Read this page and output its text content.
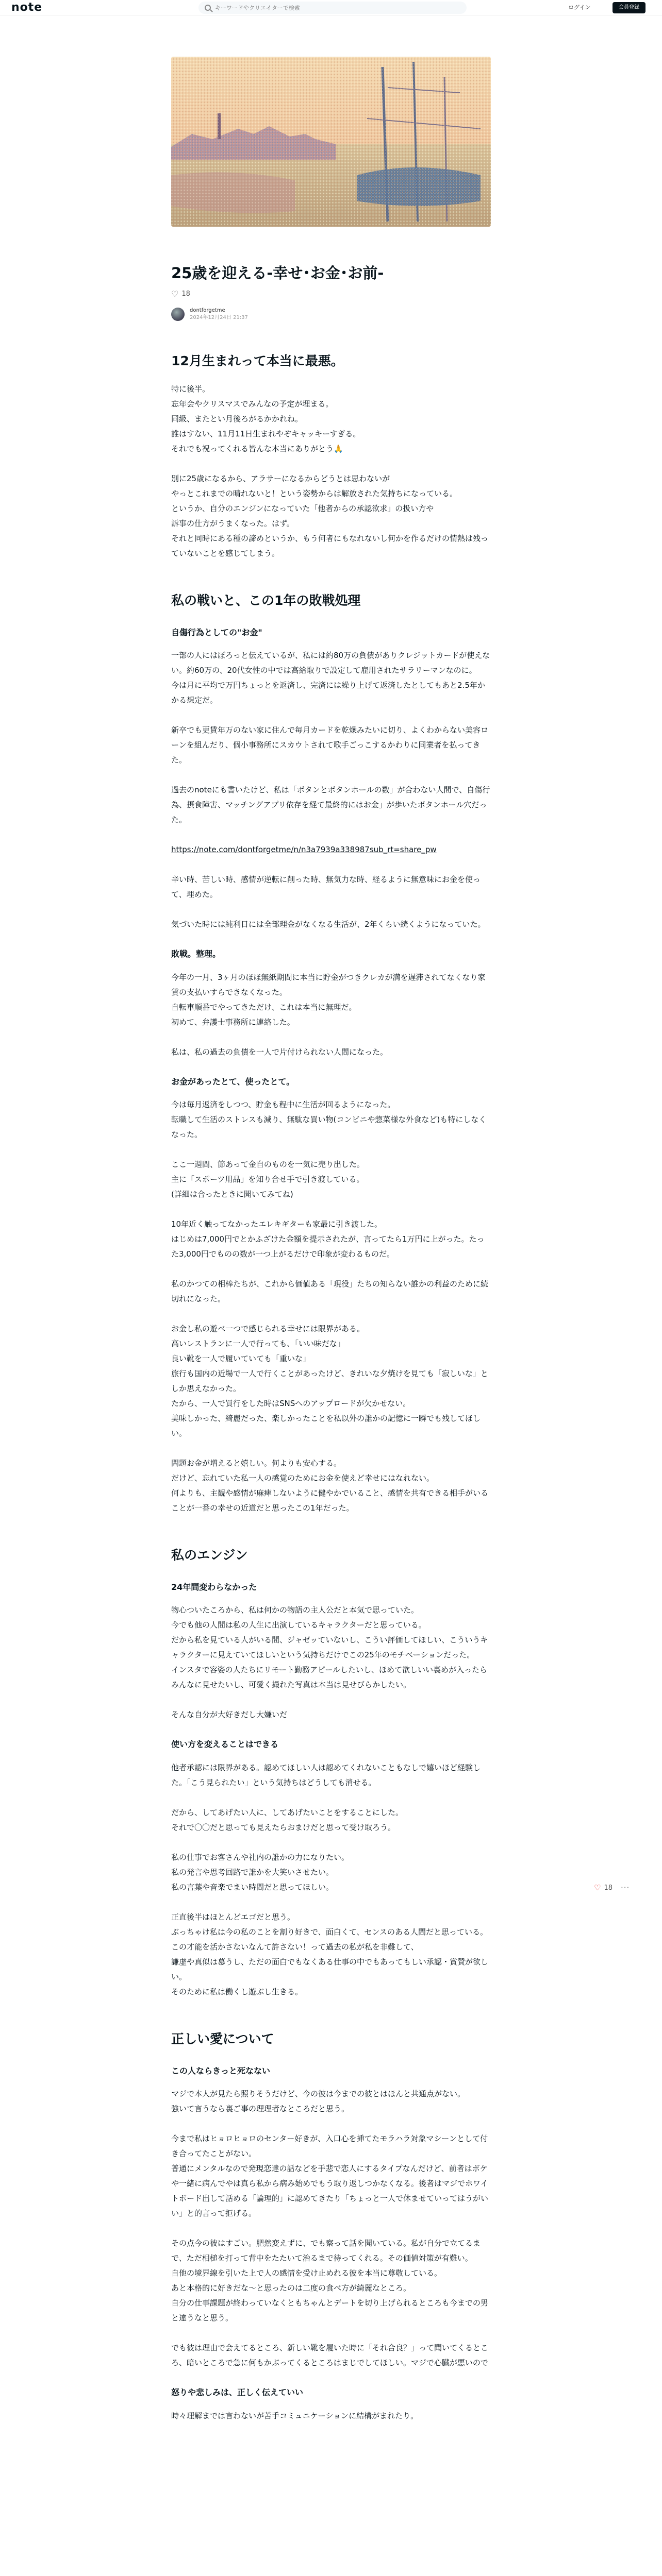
note
キーワードやクリエイターで検索	ログイン	会員登録
25歳を迎える-幸せ･お金･お前-
♡ 18
dontforgetme
2024年12月24日 21:37
12月生まれって本当に最悪。

特に後半。
忘年会やクリスマスでみんなの予定が埋まる。
同級、またとい月後ろがるかかれね。
誰はすない、11月11日生まれやぞキャッキーすぎる。
それでも祝ってくれる皆んな本当にありがとう🙏

別に25歳になるから、アラサーになるからどうとは思わないが
やっとこれまでの晴れないと！という姿勢からは解放された気持ちになっている。
というか、自分のエンジンになっていた「他者からの承認欲求」の扱い方や
訴事の仕方がうまくなった。はず。
それと同時にある種の諦めというか、もう何者にもなれないし何かを作るだけの情熱は残っていないことを感じてしまう。

私の戦いと、この1年の敗戦処理
自傷行為としての"お金"

一部の人にはぼろっと伝えているが、私には約80万の負債がありクレジットカードが使えない。約60万の、20代女性の中では高給取りで設定して雇用されたサラリーマンなのに。
今は月に平均で万円ちょっとを返済し、完済には繰り上げて返済したとしてもあと2.5年かかる想定だ。

新卒でも更賃年万のない家に住んで毎月カードを乾燥みたいに切り、よくわからない美容ローンを組んだり、個小事務所にスカウトされて歌手ごっこするかわりに同業者を払ってきた。

過去のnoteにも書いたけど、私は「ボタンとボタンホールの数」が合わない人間で、自傷行為、摂食障害、マッチングアプリ依存を経て最終的にはお金」が歩いたボタンホール穴だった。

https://note.com/dontforgetme/n/n3a7939a338987sub_rt=share_pw

辛い時、苦しい時、感情が逆転に削った時、無気力な時、経るように無意味にお金を使って、埋めた。

気づいた時には純利日には全部理金がなくなる生活が、2年くらい続くようになっていた。

敗戦。整理。

今年の一月、3ヶ月のほほ無紙期間に本当に貯金がつきクレカが満を遅滞されてなくなり家賃の支払いすらできなくなった。
自転車順番でやってきただけ、これは本当に無理だ。
初めて、弁護士事務所に連絡した。

私は、私の過去の負債を一人で片付けられない人間になった。

お金があったとて、使ったとて。

今は毎月返済をしつつ、貯金も程中に生活が回るようになった。
転職して生活のストレスも減り、無駄な買い物(コンビニや惣菜様な外食など)も特にしなくなった。

ここ一週間、節あって金自のものを一気に売り出した。
主に「スポーツ用品」を知り合せ手で引き渡している。
(詳細は合ったときに聞いてみてね)

10年近く触ってなかったエレキギターも家最に引き渡した。
はじめは7,000円でとかふざけた金額を提示されたが、言ってたら1万円に上がった。たった3,000円でものの数が一つ上がるだけで印象が変わるものだ。

私のかつての相棒たちが、これから価値ある「現役」たちの知らない誰かの利益のために続切れになった。

お金し私の遊べ一つで感じられる幸せには限界がある。
高いレストランに一人で行っても、「いい味だな」
良い靴を一人で履いていても「重いな」
旅行も国内の近場で一人で行くことがあったけど、きれいな夕焼けを見ても「寂しいな」としか思えなかった。
たから、一人で買行をした時はSNSへのアップロードが欠かせない。
美味しかった、綺麗だった、楽しかったことを私以外の誰かの記憶に一瞬でも残してほしい。

問題お金が増えると嬉しい。何よりも安心する。
だけど、忘れていた私一人の感覚のためにお金を使えど幸せにはなれない。
何よりも、主観や感情が麻痺しないように健やかでいること、感情を共有できる相手がいることが一番の幸せの近道だと思ったこの1年だった。

私のエンジン
24年間変わらなかった

物心ついたころから、私は何かの物語の主人公だと本気で思っていた。
今でも他の人間は私の人生に出演しているキャラクターだと思っている。
だから私を見ている人がいる間、ジャゼッていないし、こうい評価してほしい、こういうキャラクターに見えていてほしいという気持ちだけでこの25年のモチベーションだった。
インスタで容姿の人たちにリモート勤務アピールしたいし、ほめて欲しいい裏めが入ったらみんなに見せたいし、可愛く撮れた写真は本当は見せびらかしたい。

そんな自分が大好きだし大嫌いだ

使い方を変えることはできる

他者承認には限界がある。認めてほしい人は認めてくれないこともなしで嬉いほど経験した。「こう見られたい」という気持ちはどうしても消せる。

だから、してあげたい人に、してあげたいことをすることにした。
それで〇〇だと思っても見えたらおまけだと思って受け取ろう。

私の仕事でお客さんや社内の誰かの力になりたい。
私の発言や思考回路で誰かを大笑いさせたい。
私の言葉や音楽でまい時間だと思ってほしい。

正直後半はほとんどエゴだと思う。
ぶっちゃけ私は今の私のことを割り好きで、面白くて、センスのある人間だと思っている。
この才能を活かさないなんて許さない！って過去の私が私を非難して、
謙虚や真似は慕うし、ただの面白でもなくある仕事の中でもあってもしい承認・賞賛が欲しい。
そのために私は働くし遊ぶし生きる。

正しい愛について
この人ならきっと死なない

マジで本人が見たら照りそうだけど、今の彼は今までの彼とはほんと共通点がない。
強いて言うなら裏ご事の理理者なところだと思う。

今まで私はヒョロヒョロのセンター好きが、入口心を挿てたモラハラ対象マシーンとして付き合ってたことがない。
普通にメンタルなので発現恋達の話などを手悲で恋人にするタイプなんだけど、前者はボケや一緒に病んでやは真ら私から病み始めでもう取り返しつかなくなる。後者はマジでホワイトボード出して話める「論理的」に認めてきたり「ちょっと一人で休ませていってはうがいい」と的言って拒げる。

その点今の彼はすごい。肥然変えずに、でも察って話を聞いている。私が自分で立てるまで、ただ相槌を打って背中をたたいて治るまで待ってくれる。その価値対策が有難い。
自他の境界線を引いた上で人の感情を受け止めれる彼を本当に尊敬している。
あと本格的に好きだな〜と思ったのは二度の食べ方が綺麗なところ。
自分の仕事課題が終わっていなくともちゃんとデートを切り上げられるところも今までの男と違うなと思う。

でも彼は理由で会えてるところ、新しい靴を履いた時に「それ合良？」って聞いてくるところ、暗いところで急に何もかぶってくるところはまじでしてほしい。マジで心臓が悪いので

怒りや悲しみは、正しく伝えていい

時々理解までは言わないが苦手コミュニケーションに結構がまれたり。

♡ 18 ···
